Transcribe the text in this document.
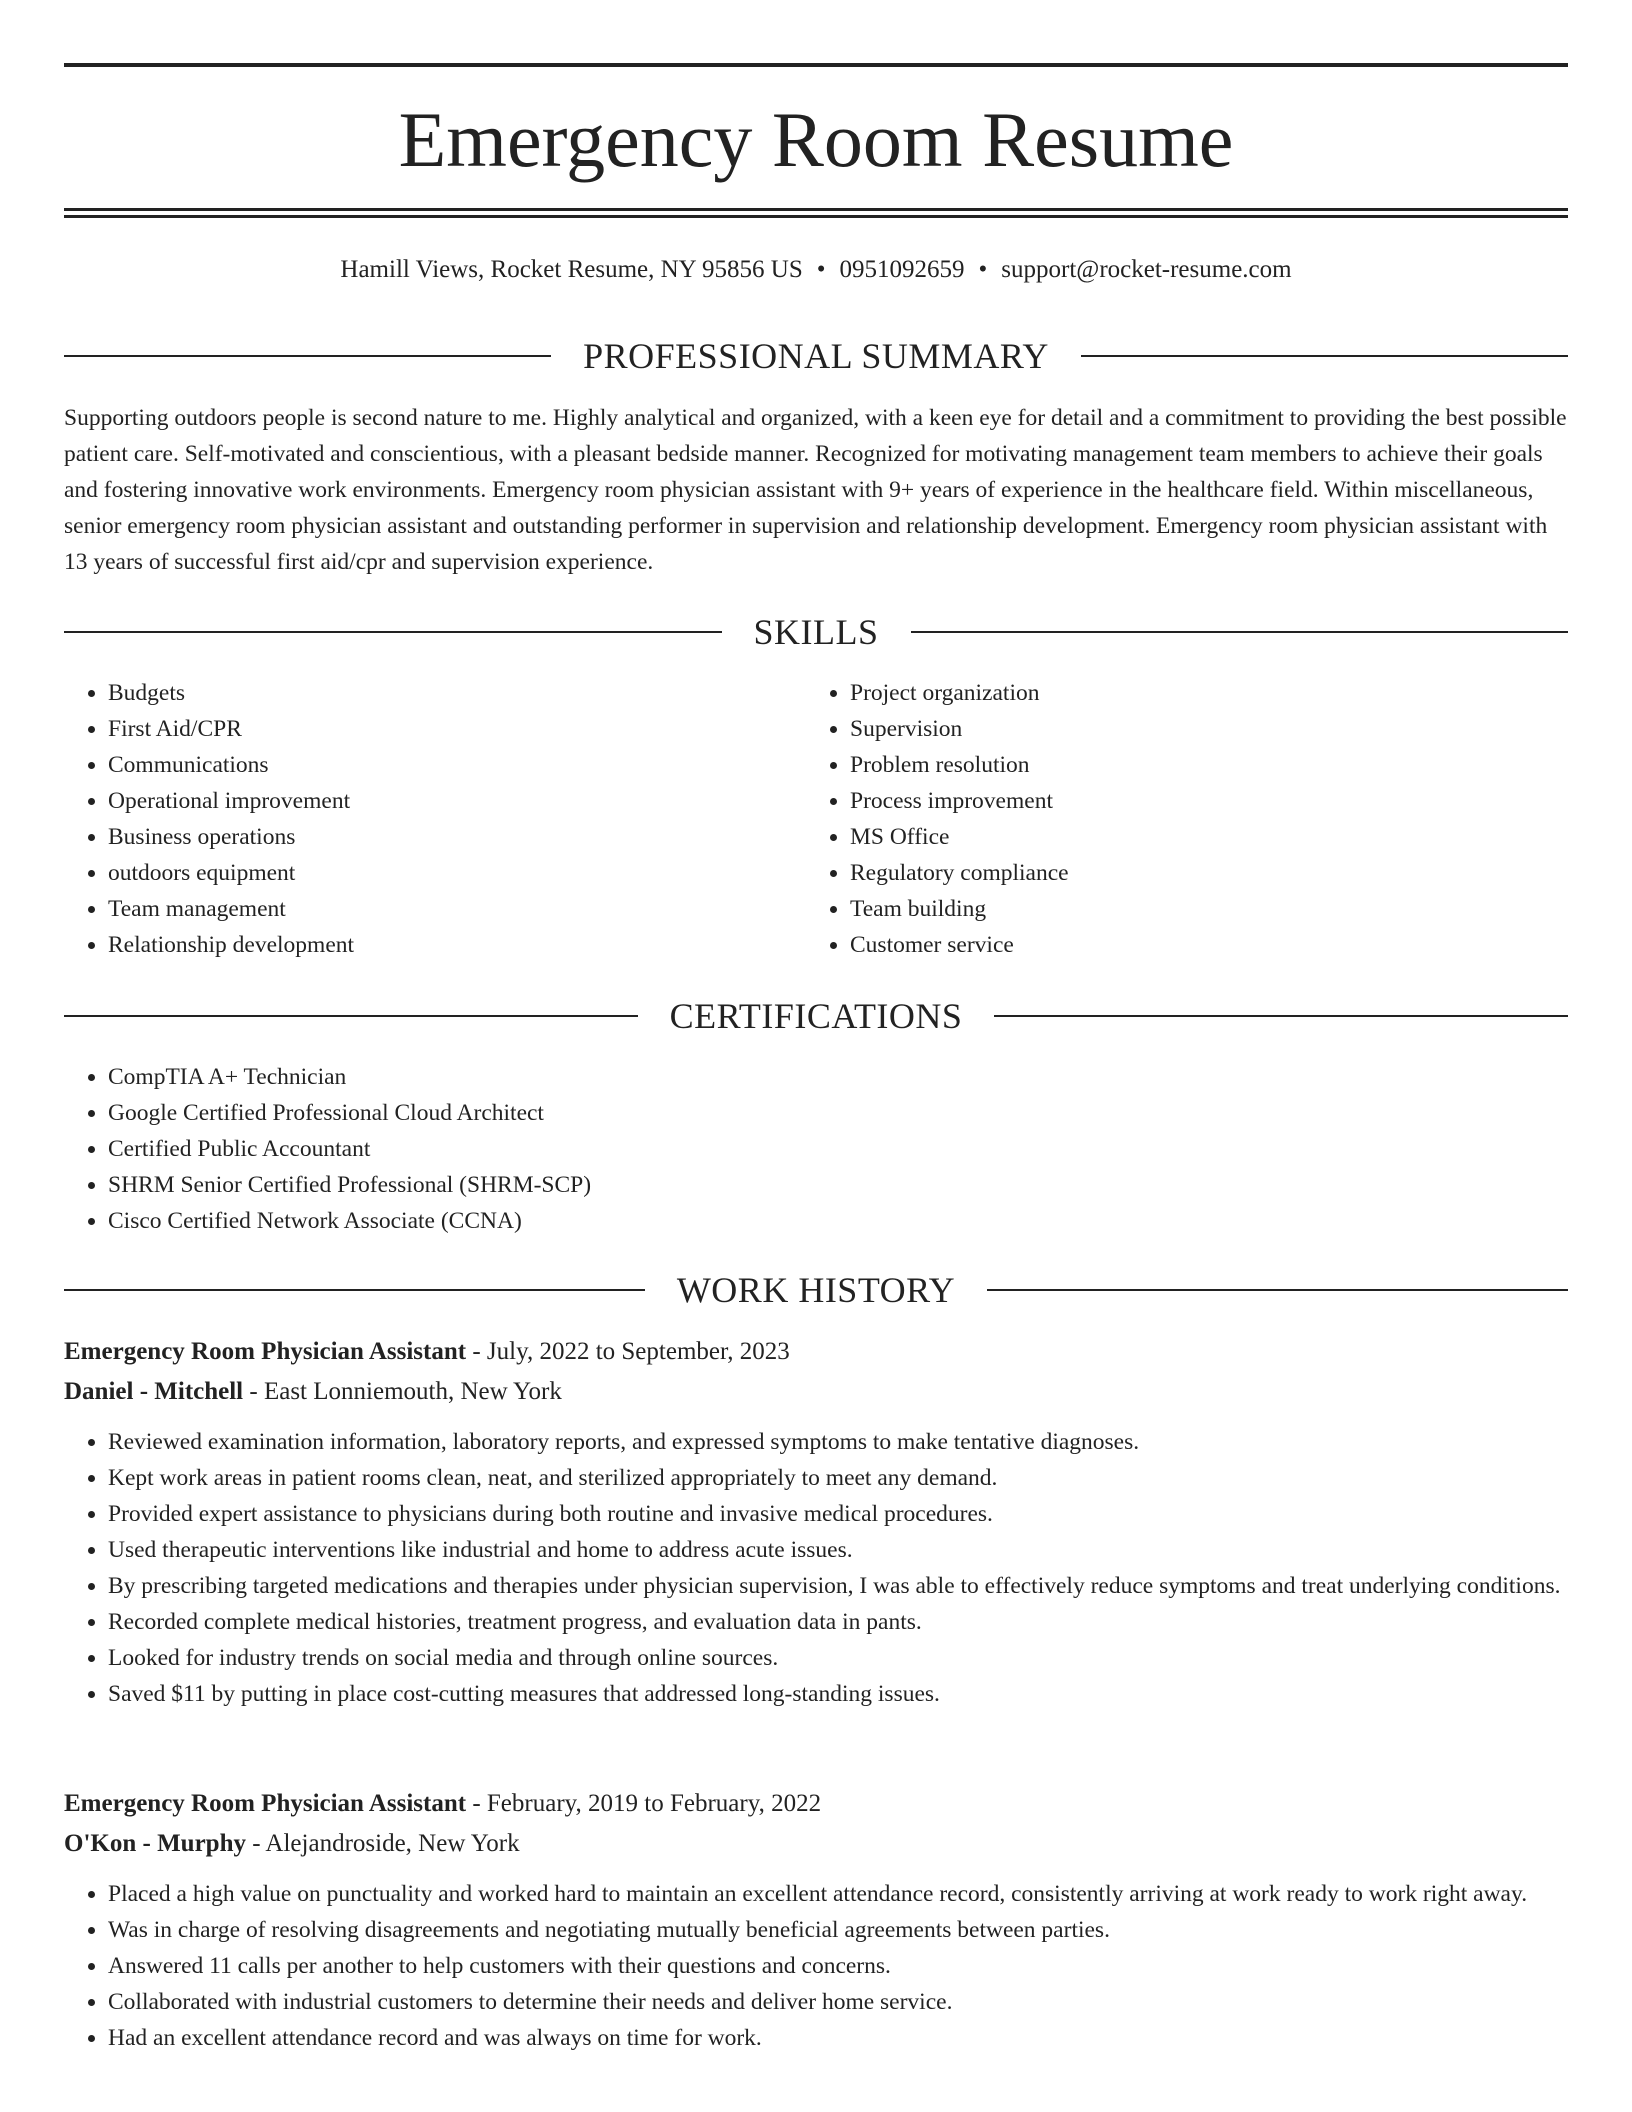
Emergency Room Resume
Hamill Views, Rocket Resume, NY 95856 US • 0951092659 • support@rocket-resume.com
PROFESSIONAL SUMMARY

Supporting outdoors people is second nature to me. Highly analytical and organized, with a keen eye for detail and a commitment to providing the best possible patient care. Self-motivated and conscientious, with a pleasant bedside manner. Recognized for motivating management team members to achieve their goals and fostering innovative work environments. Emergency room physician assistant with 9+ years of experience in the healthcare field. Within miscellaneous, senior emergency room physician assistant and outstanding performer in supervision and relationship development. Emergency room physician assistant with 13 years of successful first aid/cpr and supervision experience.

SKILLS
• Budgets
• First Aid/CPR
• Communications
• Operational improvement
• Business operations
• outdoors equipment
• Team management
• Relationship development
• Project organization
• Supervision
• Problem resolution
• Process improvement
• MS Office
• Regulatory compliance
• Team building
• Customer service
CERTIFICATIONS
• CompTIA A+ Technician
• Google Certified Professional Cloud Architect
• Certified Public Accountant
• SHRM Senior Certified Professional (SHRM-SCP)
• Cisco Certified Network Associate (CCNA)
WORK HISTORY
Emergency Room Physician Assistant - July, 2022 to September, 2023
Daniel - Mitchell - East Lonniemouth, New York
• Reviewed examination information, laboratory reports, and expressed symptoms to make tentative diagnoses.
• Kept work areas in patient rooms clean, neat, and sterilized appropriately to meet any demand.
• Provided expert assistance to physicians during both routine and invasive medical procedures.
• Used therapeutic interventions like industrial and home to address acute issues.
• By prescribing targeted medications and therapies under physician supervision, I was able to effectively reduce symptoms and treat underlying conditions.
• Recorded complete medical histories, treatment progress, and evaluation data in pants.
• Looked for industry trends on social media and through online sources.
• Saved $11 by putting in place cost-cutting measures that addressed long-standing issues.
Emergency Room Physician Assistant - February, 2019 to February, 2022
O'Kon - Murphy - Alejandroside, New York
• Placed a high value on punctuality and worked hard to maintain an excellent attendance record, consistently arriving at work ready to work right away.
• Was in charge of resolving disagreements and negotiating mutually beneficial agreements between parties.
• Answered 11 calls per another to help customers with their questions and concerns.
• Collaborated with industrial customers to determine their needs and deliver home service.
• Had an excellent attendance record and was always on time for work.
